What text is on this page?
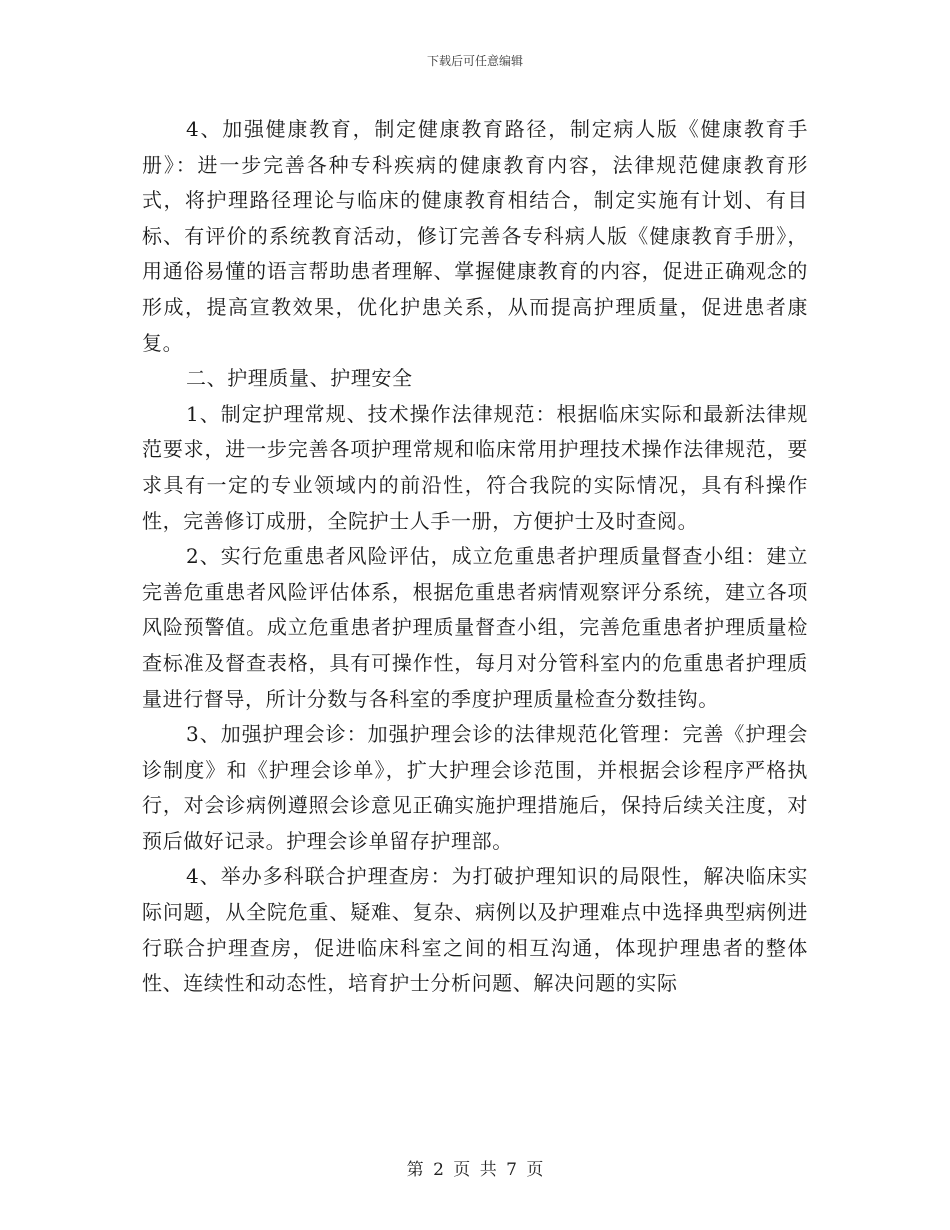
下载后可任意编辑

4、加强健康教育，制定健康教育路径，制定病人版《健康教育手册》：进一步完善各种专科疾病的健康教育内容，法律规范健康教育形式，将护理路径理论与临床的健康教育相结合，制定实施有计划、有目标、有评价的系统教育活动，修订完善各专科病人版《健康教育手册》，用通俗易懂的语言帮助患者理解、掌握健康教育的内容，促进正确观念的形成，提高宣教效果，优化护患关系，从而提高护理质量，促进患者康复。

二、护理质量、护理安全

1、制定护理常规、技术操作法律规范：根据临床实际和最新法律规范要求，进一步完善各项护理常规和临床常用护理技术操作法律规范，要求具有一定的专业领域内的前沿性，符合我院的实际情况，具有科操作性，完善修订成册，全院护士人手一册，方便护士及时查阅。

2、实行危重患者风险评估，成立危重患者护理质量督查小组：建立完善危重患者风险评估体系，根据危重患者病情观察评分系统，建立各项风险预警值。成立危重患者护理质量督查小组，完善危重患者护理质量检查标准及督查表格，具有可操作性，每月对分管科室内的危重患者护理质量进行督导，所计分数与各科室的季度护理质量检查分数挂钩。

3、加强护理会诊：加强护理会诊的法律规范化管理：完善《护理会诊制度》和《护理会诊单》，扩大护理会诊范围，并根据会诊程序严格执行，对会诊病例遵照会诊意见正确实施护理措施后，保持后续关注度，对预后做好记录。护理会诊单留存护理部。

4、举办多科联合护理查房：为打破护理知识的局限性，解决临床实际问题，从全院危重、疑难、复杂、病例以及护理难点中选择典型病例进行联合护理查房，促进临床科室之间的相互沟通，体现护理患者的整体性、连续性和动态性，培育护士分析问题、解决问题的实际

第 2 页 共 7 页
